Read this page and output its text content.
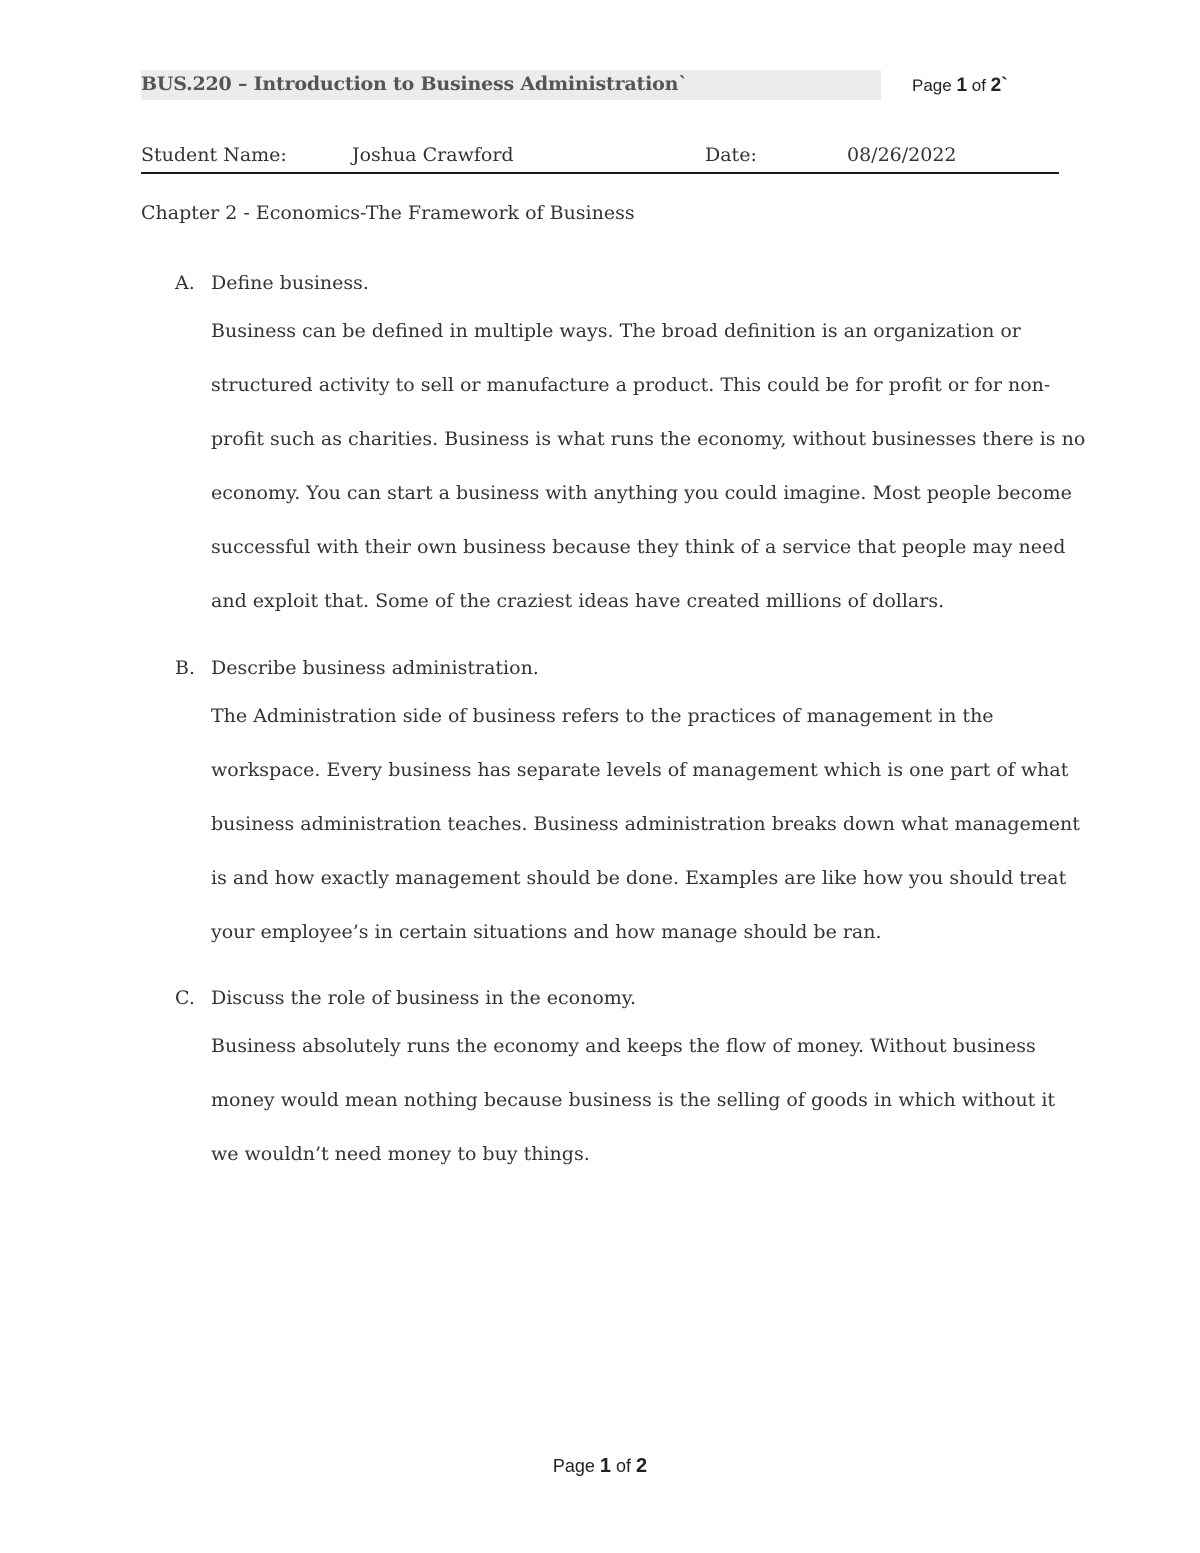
BUS.220 – Introduction to Business Administration`	Page 1 of 2`
Student Name:	Joshua Crawford	Date:	08/26/2022
Chapter 2 - Economics-The Framework of Business
A. Define business.
Business can be defined in multiple ways. The broad definition is an organization or
structured activity to sell or manufacture a product. This could be for profit or for non-
profit such as charities. Business is what runs the economy, without businesses there is no
economy. You can start a business with anything you could imagine. Most people become
successful with their own business because they think of a service that people may need
and exploit that. Some of the craziest ideas have created millions of dollars.
B. Describe business administration.
The Administration side of business refers to the practices of management in the
workspace. Every business has separate levels of management which is one part of what
business administration teaches. Business administration breaks down what management
is and how exactly management should be done. Examples are like how you should treat
your employee’s in certain situations and how manage should be ran.
C. Discuss the role of business in the economy.
Business absolutely runs the economy and keeps the flow of money. Without business
money would mean nothing because business is the selling of goods in which without it
we wouldn’t need money to buy things.
Page 1 of 2
